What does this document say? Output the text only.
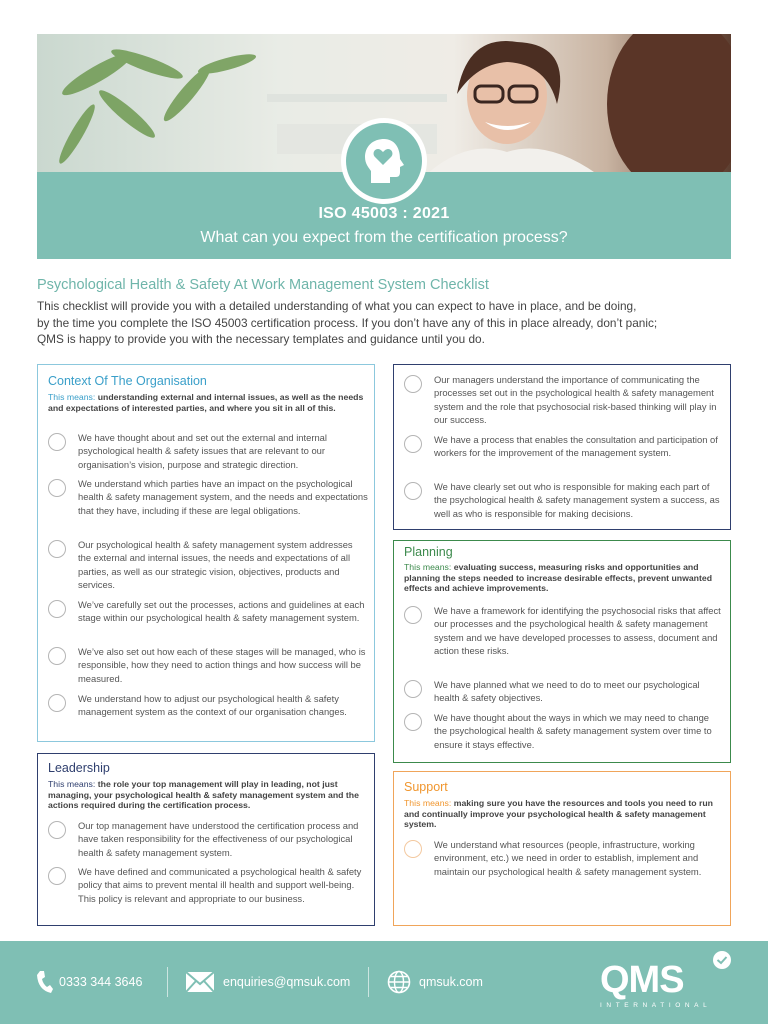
ISO 45003 : 2021
What can you expect from the certification process?
Psychological Health & Safety At Work Management System Checklist
This checklist will provide you with a detailed understanding of what you can expect to have in place, and be doing,
by the time you complete the ISO 45003 certification process. If you don’t have any of this in place already, don’t panic;
QMS is happy to provide you with the necessary templates and guidance until you do.
Context Of The Organisation
This means: understanding external and internal issues, as well as the needs and expectations of interested parties, and where you sit in all of this.
We have thought about and set out the external and internal psychological health & safety issues that are relevant to our organisation’s vision, purpose and strategic direction.
We understand which parties have an impact on the psychological health & safety management system, and the needs and expectations that they have, including if these are legal obligations.
Our psychological health & safety management system addresses the external and internal issues, the needs and expectations of all parties, as well as our strategic vision, objectives, products and services.
We’ve carefully set out the processes, actions and guidelines at each stage within our psychological health & safety management system.
We’ve also set out how each of these stages will be managed, who is responsible, how they need to action things and how success will be measured.
We understand how to adjust our psychological health & safety management system as the context of our organisation changes.
Leadership
This means: the role your top management will play in leading, not just managing, your psychological health & safety management system and the actions required during the certification process.
Our top management have understood the certification process and have taken responsibility for the effectiveness of our psychological health & safety management system.
We have defined and communicated a psychological health & safety policy that aims to prevent mental ill health and support well-being. This policy is relevant and appropriate to our business.
Our managers understand the importance of communicating the processes set out in the psychological health & safety management system and the role that psychosocial risk-based thinking will play in our success.
We have a process that enables the consultation and participation of workers for the improvement of the management system.
We have clearly set out who is responsible for making each part of the psychological health & safety management system a success, as well as who is responsible for making decisions.
Planning
This means: evaluating success, measuring risks and opportunities and planning the steps needed to increase desirable effects, prevent unwanted effects and achieve improvements.
We have a framework for identifying the psychosocial risks that affect our processes and the psychological health & safety management system and we have developed processes to assess, document and action these risks.
We have planned what we need to do to meet our psychological health & safety objectives.
We have thought about the ways in which we may need to change the psychological health & safety management system over time to ensure it stays effective.
Support
This means: making sure you have the resources and tools you need to run and continually improve your psychological health & safety management system.
We understand what resources (people, infrastructure, working environment, etc.) we need in order to establish, implement and maintain our psychological health & safety management system.
0333 344 3646	enquiries@qmsuk.com	qmsuk.com	QMS
INTERNATIONAL
